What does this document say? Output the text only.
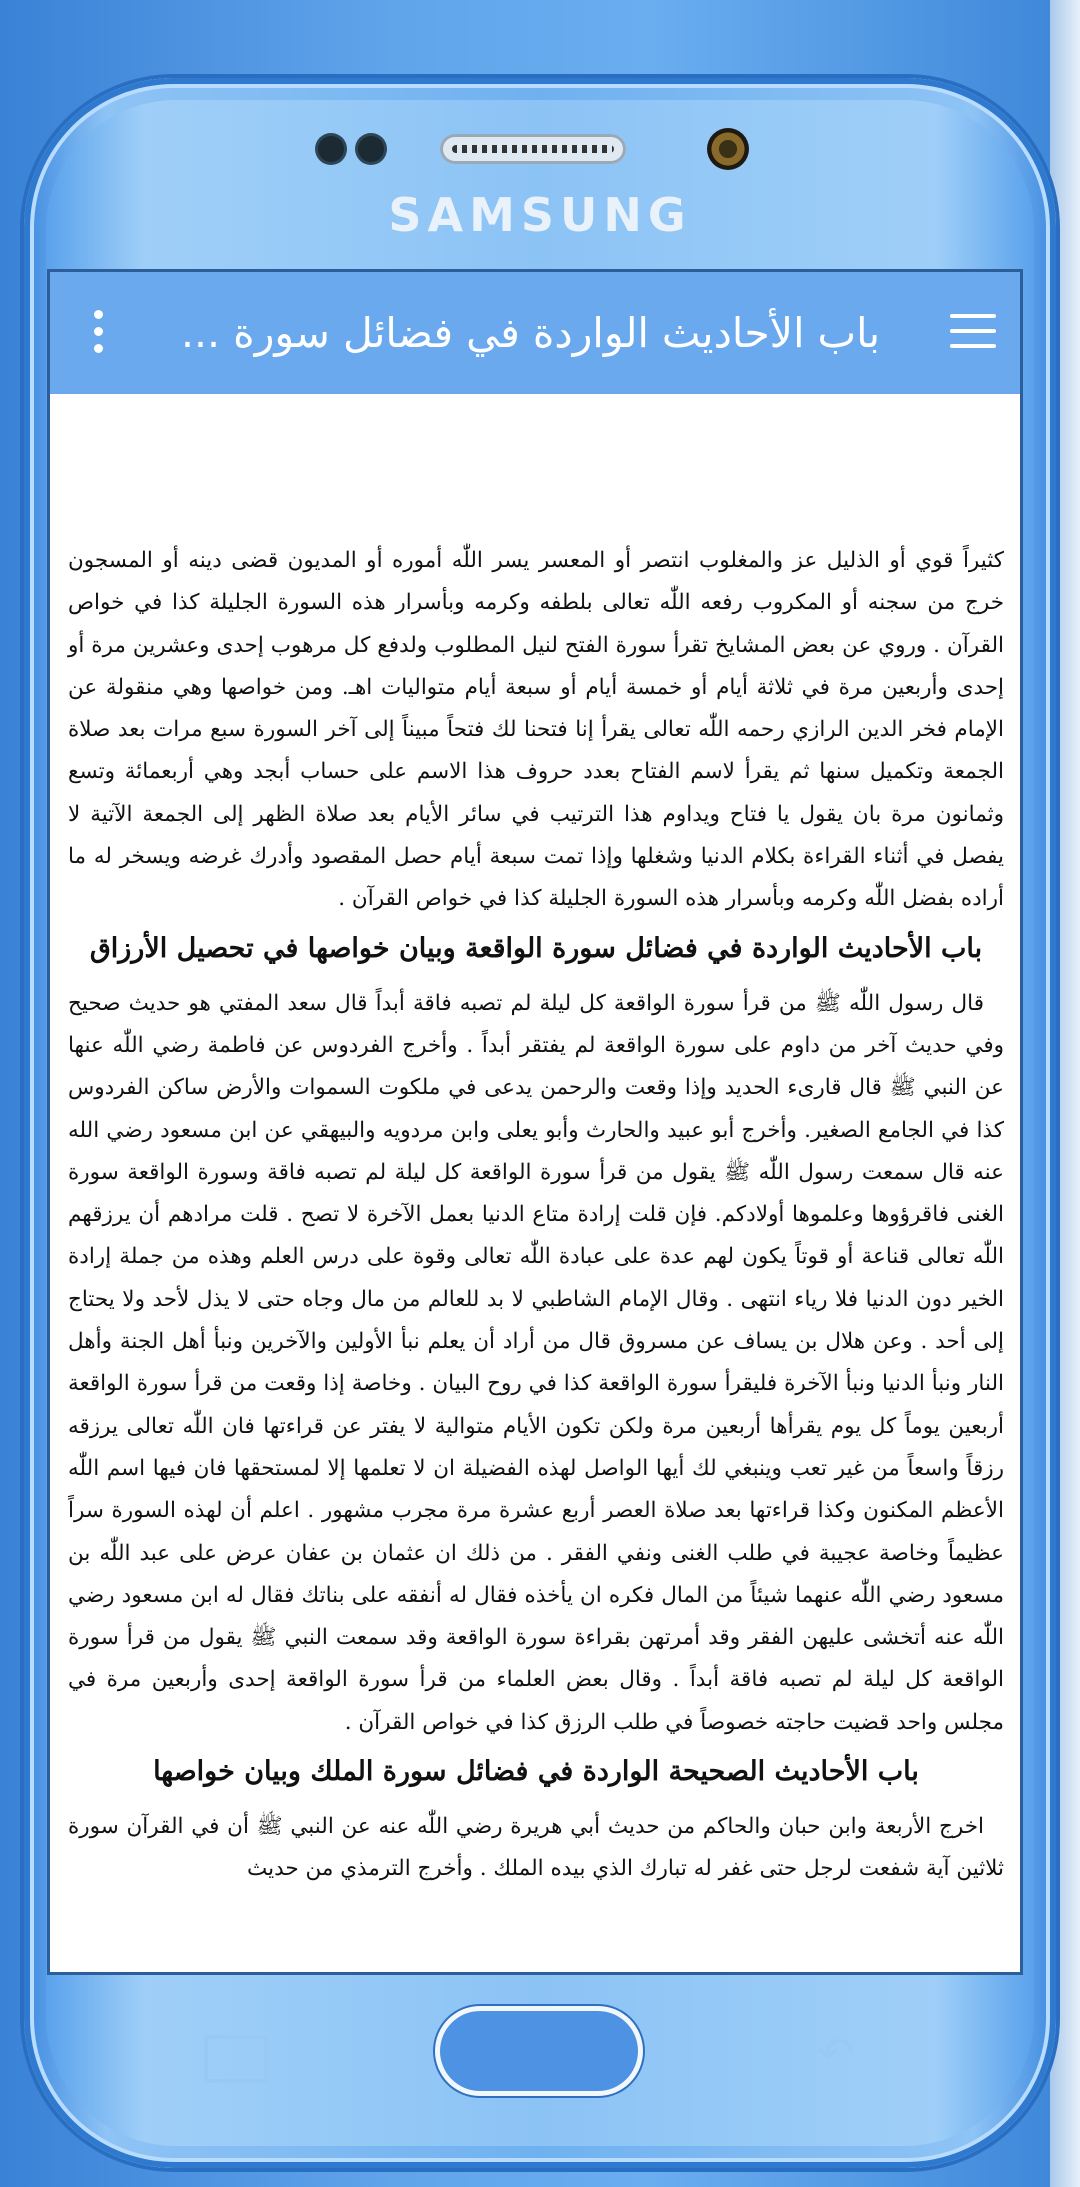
SAMSUNG
باب الأحاديث الواردة في فضائل سورة ...

كثيراً قوي أو الذليل عز والمغلوب انتصر أو المعسر يسر اللّٰه أموره أو المديون قضى دينه أو المسجون خرج من سجنه أو المكروب رفعه اللّٰه تعالى بلطفه وكرمه وبأسرار هذه السورة الجليلة كذا في خواص القرآن . وروي عن بعض المشايخ تقرأ سورة الفتح لنيل المطلوب ولدفع كل مرهوب إحدى وعشرين مرة أو إحدى وأربعين مرة في ثلاثة أيام أو خمسة أيام أو سبعة أيام متواليات اهـ. ومن خواصها وهي منقولة عن الإمام فخر الدين الرازي رحمه اللّٰه تعالى يقرأ إنا فتحنا لك فتحاً مبيناً إلى آخر السورة سبع مرات بعد صلاة الجمعة وتكميل سنها ثم يقرأ لاسم الفتاح بعدد حروف هذا الاسم على حساب أبجد وهي أربعمائة وتسع وثمانون مرة بان يقول يا فتاح ويداوم هذا الترتيب في سائر الأيام بعد صلاة الظهر إلى الجمعة الآتية لا يفصل في أثناء القراءة بكلام الدنيا وشغلها وإذا تمت سبعة أيام حصل المقصود وأدرك غرضه ويسخر له ما أراده بفضل اللّٰه وكرمه وبأسرار هذه السورة الجليلة كذا في خواص القرآن .

باب الأحاديث الواردة في فضائل سورة الواقعة وبيان خواصها في تحصيل الأرزاق

قال رسول اللّٰه ﷺ من قرأ سورة الواقعة كل ليلة لم تصبه فاقة أبداً قال سعد المفتي هو حديث صحيح وفي حديث آخر من داوم على سورة الواقعة لم يفتقر أبداً . وأخرج الفردوس عن فاطمة رضي اللّٰه عنها عن النبي ﷺ قال قارىء الحديد وإذا وقعت والرحمن يدعى في ملكوت السموات والأرض ساكن الفردوس كذا في الجامع الصغير. وأخرج أبو عبيد والحارث وأبو يعلى وابن مردويه والبيهقي عن ابن مسعود رضي الله عنه قال سمعت رسول اللّٰه ﷺ يقول من قرأ سورة الواقعة كل ليلة لم تصبه فاقة وسورة الواقعة سورة الغنى فاقرؤوها وعلموها أولادكم. فإن قلت إرادة متاع الدنيا بعمل الآخرة لا تصح . قلت مرادهم أن يرزقهم اللّٰه تعالى قناعة أو قوتاً يكون لهم عدة على عبادة اللّٰه تعالى وقوة على درس العلم وهذه من جملة إرادة الخير دون الدنيا فلا رياء انتهى . وقال الإمام الشاطبي لا بد للعالم من مال وجاه حتى لا يذل لأحد ولا يحتاج إلى أحد . وعن هلال بن يساف عن مسروق قال من أراد أن يعلم نبأ الأولين والآخرين ونبأ أهل الجنة وأهل النار ونبأ الدنيا ونبأ الآخرة فليقرأ سورة الواقعة كذا في روح البيان . وخاصة إذا وقعت من قرأ سورة الواقعة أربعين يوماً كل يوم يقرأها أربعين مرة ولكن تكون الأيام متوالية لا يفتر عن قراءتها فان اللّٰه تعالى يرزقه رزقاً واسعاً من غير تعب وينبغي لك أيها الواصل لهذه الفضيلة ان لا تعلمها إلا لمستحقها فان فيها اسم اللّٰه الأعظم المكنون وكذا قراءتها بعد صلاة العصر أربع عشرة مرة مجرب مشهور . اعلم أن لهذه السورة سراً عظيماً وخاصة عجيبة في طلب الغنى ونفي الفقر . من ذلك ان عثمان بن عفان عرض على عبد اللّٰه بن مسعود رضي اللّٰه عنهما شيئاً من المال فكره ان يأخذه فقال له أنفقه على بناتك فقال له ابن مسعود رضي اللّٰه عنه أتخشى عليهن الفقر وقد أمرتهن بقراءة سورة الواقعة وقد سمعت النبي ﷺ يقول من قرأ سورة الواقعة كل ليلة لم تصبه فاقة أبداً . وقال بعض العلماء من قرأ سورة الواقعة إحدى وأربعين مرة في مجلس واحد قضيت حاجته خصوصاً في طلب الرزق كذا في خواص القرآن .

باب الأحاديث الصحيحة الواردة في فضائل سورة الملك وبيان خواصها

اخرج الأربعة وابن حبان والحاكم من حديث أبي هريرة رضي اللّٰه عنه عن النبي ﷺ أن في القرآن سورة ثلاثين آية شفعت لرجل حتى غفر له تبارك الذي بيده الملك . وأخرج الترمذي من حديث

↶
